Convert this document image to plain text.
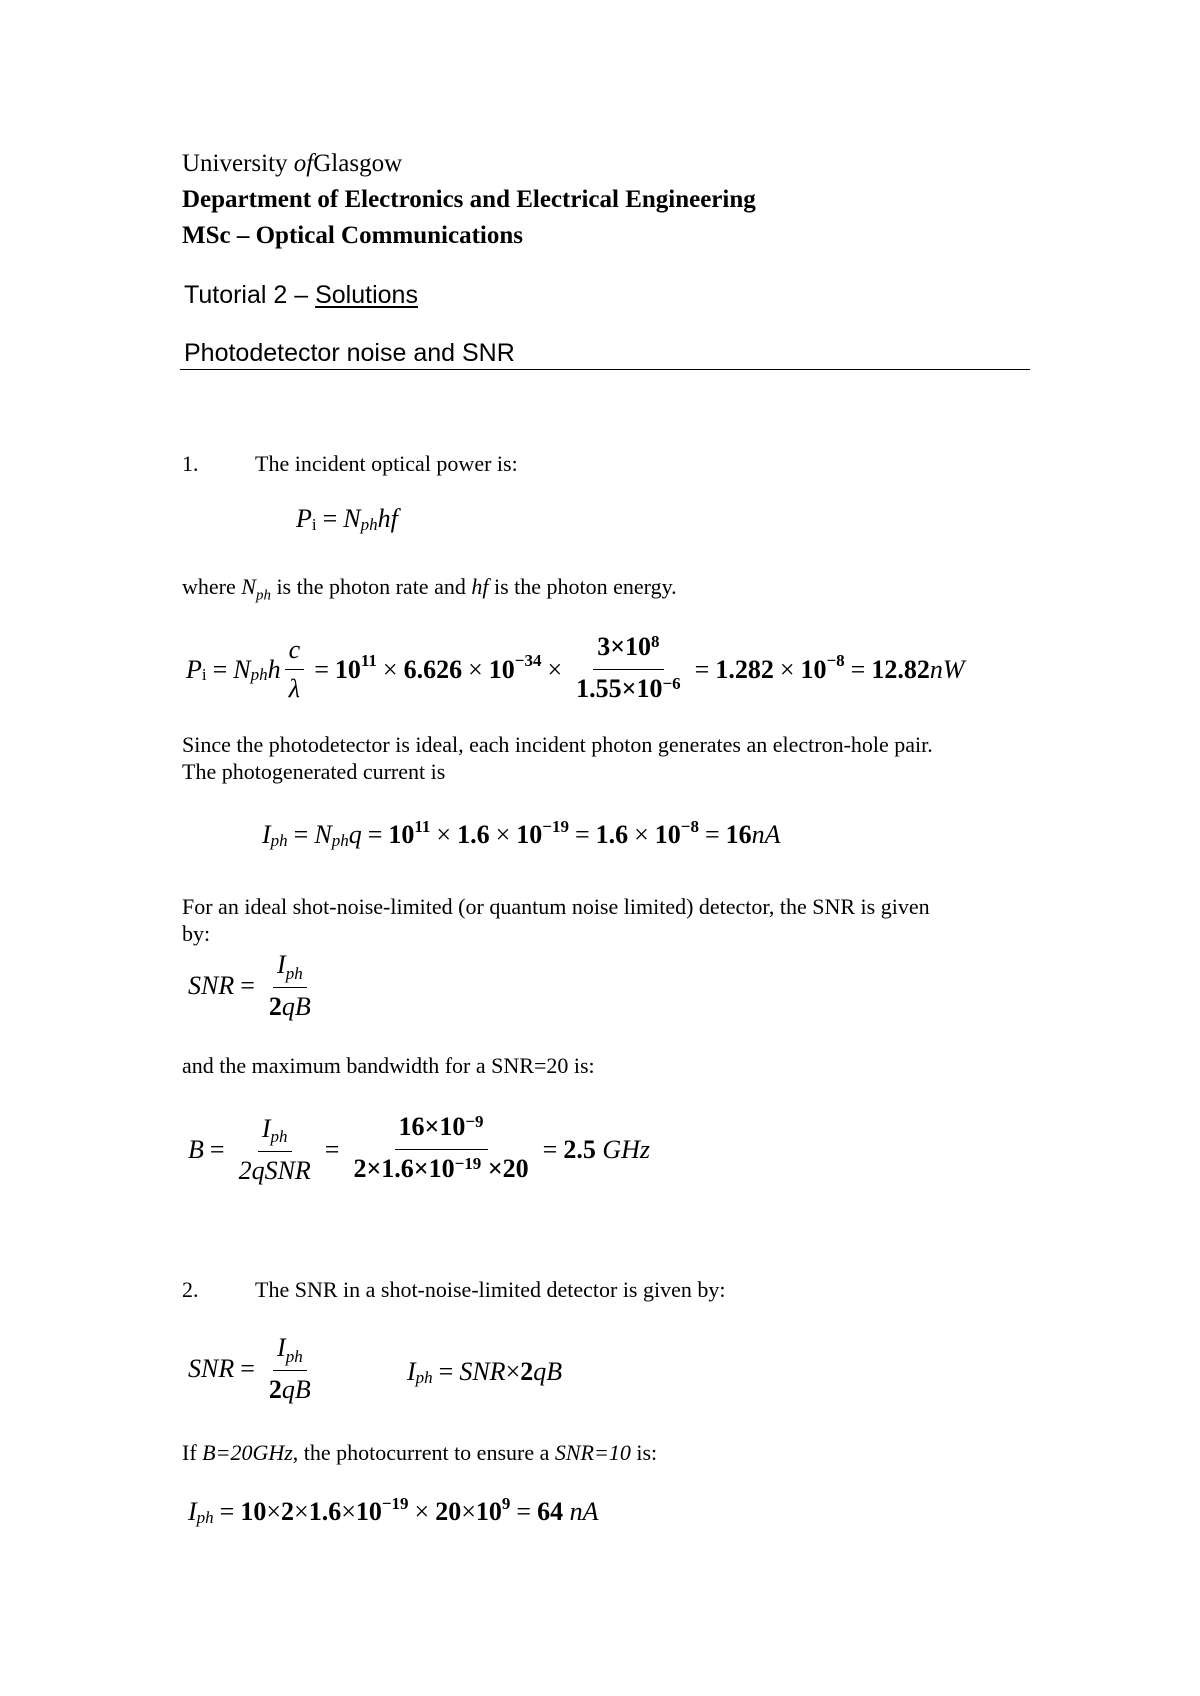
University ofGlasgow
Department of Electronics and Electrical Engineering
MSc – Optical Communications
Tutorial 2 – Solutions
Photodetector noise and SNR
1.	The incident optical power is:
$P_i = N$ $_{ph}$ hf
where $N_{ph}$ is the photon rate and hf is the photon energy.
$P_i = N$ $_{ph}$ h $\frac{c}{\lambda} = 10^{11} \times 6.626 \times 10^{-34} \times \frac{3\times 10^8}{1.55\times 10^{-6}} = 1.282 \times 10^{-8} = 12.82$ nW
Since the photodetector is ideal, each incident photon generates an electron-hole pair.
The photogenerated current is
I $_{ph}$ = N $_{ph}$ $q = 10^{11} \times 1.6 \times 10^{-19} = 1.6 \times 10^{-8} = 16$ nA
For an ideal shot-noise-limited (or quantum noise limited) detector, the SNR is given
by:
SNR = $\frac{I_{ph}}{2qB}$
and the maximum bandwidth for a SNR=20 is:
$B = \frac{I_{ph}}{\text{2qSNR}} = \frac{16\times 10^{-9}}{2\times 1.6\times 10^{-19} \times 20} = 2.5$
GHz
2.	The SNR in a shot-noise-limited detector is given by:
SNR = $\frac{I_{ph}}{2qB}$	I $_{ph}$ = SNR × 2 qB
If B=20GHz, the photocurrent to ensure a SNR=10 is:
I $_{ph} = 10 \times 2 \times 1.6 \times 10^{-19} \times 20 \times 10^9 = 64$
nA
